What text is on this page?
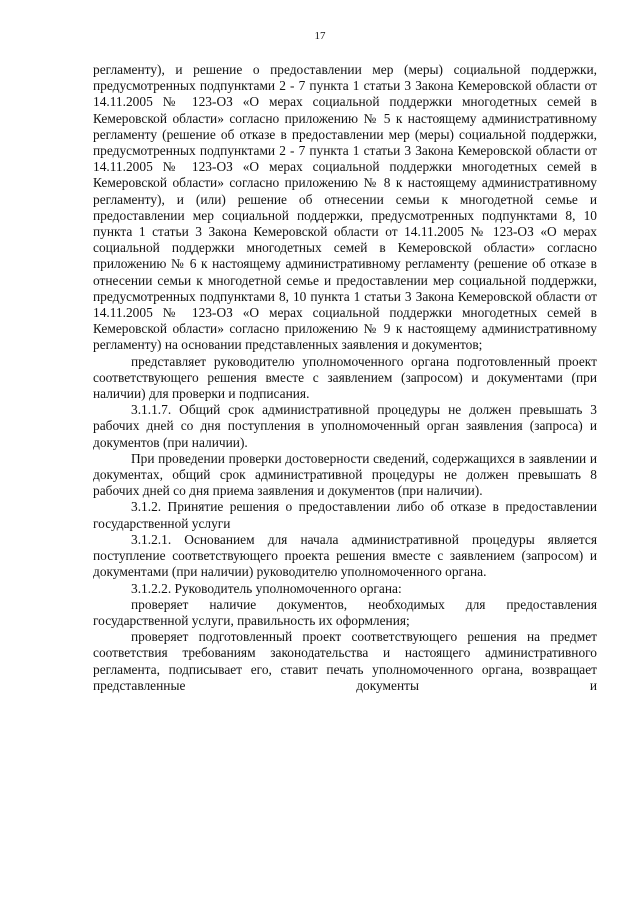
17

регламенту), и решение о предоставлении мер (меры) социальной поддержки, предусмотренных подпунктами 2 - 7 пункта 1 статьи 3 Закона Кемеровской области от 14.11.2005 № 123-ОЗ «О мерах социальной поддержки многодетных семей в Кемеровской области» согласно приложению № 5 к настоящему административному регламенту (решение об отказе в предоставлении мер (меры) социальной поддержки, предусмотренных подпунктами 2 - 7 пункта 1 статьи 3 Закона Кемеровской области от 14.11.2005 № 123-ОЗ «О мерах социальной поддержки многодетных семей в Кемеровской области» согласно приложению № 8 к настоящему административному регламенту), и (или) решение об отнесении семьи к многодетной семье и предоставлении мер социальной поддержки, предусмотренных подпунктами 8, 10 пункта 1 статьи 3 Закона Кемеровской области от 14.11.2005 № 123-ОЗ «О мерах социальной поддержки многодетных семей в Кемеровской области» согласно приложению № 6 к настоящему административному регламенту (решение об отказе в отнесении семьи к многодетной семье и предоставлении мер социальной поддержки, предусмотренных подпунктами 8, 10 пункта 1 статьи 3 Закона Кемеровской области от 14.11.2005 № 123-ОЗ «О мерах социальной поддержки многодетных семей в Кемеровской области» согласно приложению № 9 к настоящему административному регламенту) на основании представленных заявления и документов;

представляет руководителю уполномоченного органа подготовленный проект соответствующего решения вместе с заявлением (запросом) и документами (при наличии) для проверки и подписания.

3.1.1.7. Общий срок административной процедуры не должен превышать 3 рабочих дней со дня поступления в уполномоченный орган заявления (запроса) и документов (при наличии).

При проведении проверки достоверности сведений, содержащихся в заявлении и документах, общий срок административной процедуры не должен превышать 8 рабочих дней со дня приема заявления и документов (при наличии).

3.1.2. Принятие решения о предоставлении либо об отказе в предоставлении государственной услуги

3.1.2.1. Основанием для начала административной процедуры является поступление соответствующего проекта решения вместе с заявлением (запросом) и документами (при наличии) руководителю уполномоченного органа.

3.1.2.2. Руководитель уполномоченного органа:

проверяет наличие документов, необходимых для предоставления государственной услуги, правильность их оформления;

проверяет подготовленный проект соответствующего решения на предмет соответствия требованиям законодательства и настоящего административного регламента, подписывает его, ставит печать уполномоченного органа, возвращает представленные документы и
